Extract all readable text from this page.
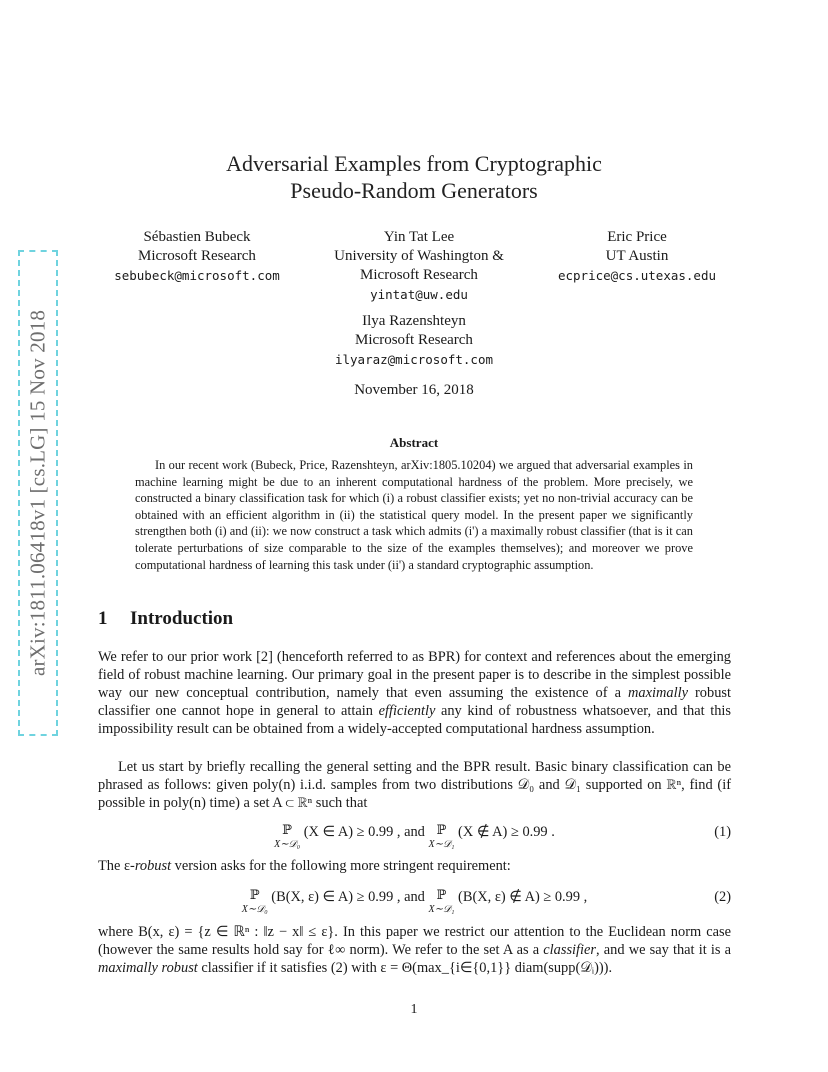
arXiv:1811.06418v1 [cs.LG] 15 Nov 2018
Adversarial Examples from Cryptographic
Pseudo-Random Generators
Sébastien Bubeck
Microsoft Research
sebubeck@microsoft.com
Yin Tat Lee
University of Washington &
Microsoft Research
yintat@uw.edu
Eric Price
UT Austin
ecprice@cs.utexas.edu
Ilya Razenshteyn
Microsoft Research
ilyaraz@microsoft.com
November 16, 2018
Abstract
In our recent work (Bubeck, Price, Razenshteyn, arXiv:1805.10204) we argued that adversarial examples in machine learning might be due to an inherent computational hardness of the problem. More precisely, we constructed a binary classification task for which (i) a robust classifier exists; yet no non-trivial accuracy can be obtained with an efficient algorithm in (ii) the statistical query model. In the present paper we significantly strengthen both (i) and (ii): we now construct a task which admits (i') a maximally robust classifier (that is it can tolerate perturbations of size comparable to the size of the examples themselves); and moreover we prove computational hardness of learning this task under (ii') a standard cryptographic assumption.
1 Introduction

We refer to our prior work [2] (henceforth referred to as BPR) for context and references about the emerging field of robust machine learning. Our primary goal in the present paper is to describe in the simplest possible way our new conceptual contribution, namely that even assuming the existence of a maximally robust classifier one cannot hope in general to attain efficiently any kind of robustness whatsoever, and that this impossibility result can be obtained from a widely-accepted computational hardness assumption.

Let us start by briefly recalling the general setting and the BPR result. Basic binary classification can be phrased as follows: given poly(n) i.i.d. samples from two distributions 𝒟₀ and 𝒟₁ supported on ℝⁿ, find (if possible in poly(n) time) a set A ⊂ ℝⁿ such that

ℙ
X∼𝒟₀
(X ∈ A) ≥ 0.99 , and ℙ
X∼𝒟₁
(X ∉ A) ≥ 0.99 .	(1)

The ε-robust version asks for the following more stringent requirement:

ℙ
X∼𝒟₀
(B(X, ε) ∈ A) ≥ 0.99 , and ℙ
X∼𝒟₁
(B(X, ε) ∉ A) ≥ 0.99 ,	(2)

where B(x, ε) = {z ∈ ℝⁿ : ‖z − x‖ ≤ ε}. In this paper we restrict our attention to the Euclidean norm case (however the same results hold say for ℓ∞ norm). We refer to the set A as a classifier, and we say that it is a maximally robust classifier if it satisfies (2) with ε = Θ(max_{i∈{0,1}} diam(supp(𝒟ᵢ))).

1
